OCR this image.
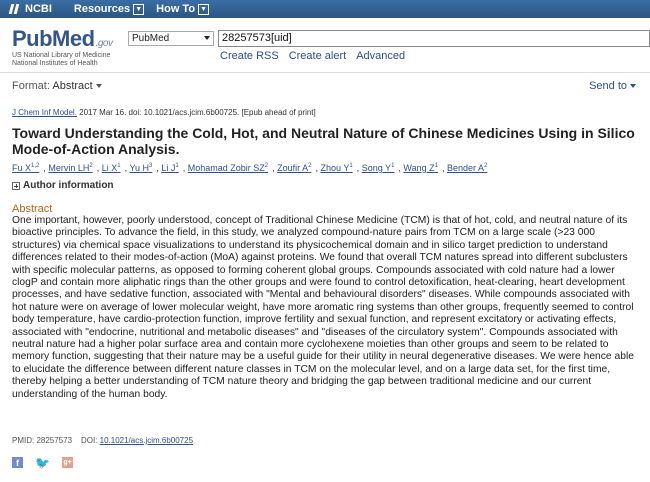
NCBI Resources ▼ How To ▼
PubMed.gov
US National Library of Medicine
National Institutes of Health
PubMed	28257573[uid]
Create RSS Create alert Advanced
Format: Abstract	Send to
J Chem Inf Model. 2017 Mar 16. doi: 10.1021/acs.jcim.6b00725. [Epub ahead of print]
Toward Understanding the Cold, Hot, and Neutral Nature of Chinese Medicines Using in Silico Mode-of-Action Analysis.
Fu X$^{1,2}$ , Mervin $LH^2$ , Li $X^1$ , Yu $H^3$ , Li $J^1$ , Mohamad Zobir $SZ^2$ , Zoufir $A^2$ , Zhou $Y^1$ , Song $Y^1$ , Wang $Z^1$ , Bender $A^2$
Author information
Abstract
One important, however, poorly understood, concept of Traditional Chinese Medicine (TCM) is that of hot, cold, and neutral nature of its bioactive principles. To advance the field, in this study, we analyzed compound-nature pairs from TCM on a large scale (>23 000 structures) via chemical space visualizations to understand its physicochemical domain and in silico target prediction to understand differences related to their modes-of-action (MoA) against proteins. We found that overall TCM natures spread into different subclusters with specific molecular patterns, as opposed to forming coherent global groups. Compounds associated with cold nature had a lower clogP and contain more aliphatic rings than the other groups and were found to control detoxification, heat-clearing, heart development processes, and have sedative function, associated with "Mental and behavioural disorders" diseases. While compounds associated with hot nature were on average of lower molecular weight, have more aromatic ring systems than other groups, frequently seemed to control body temperature, have cardio-protection function, improve fertility and sexual function, and represent excitatory or activating effects, associated with "endocrine, nutritional and metabolic diseases" and "diseases of the circulatory system". Compounds associated with neutral nature had a higher polar surface area and contain more cyclohexene moieties than other groups and seem to be related to memory function, suggesting that their nature may be a useful guide for their utility in neural degenerative diseases. We were hence able to elucidate the difference between different nature classes in TCM on the molecular level, and on a large data set, for the first time, thereby helping a better understanding of TCM nature theory and bridging the gap between traditional medicine and our current understanding of the human body.
PMID: 28257573 DOI: 10.1021/acs.jcim.6b00725
f	🐦 g+
